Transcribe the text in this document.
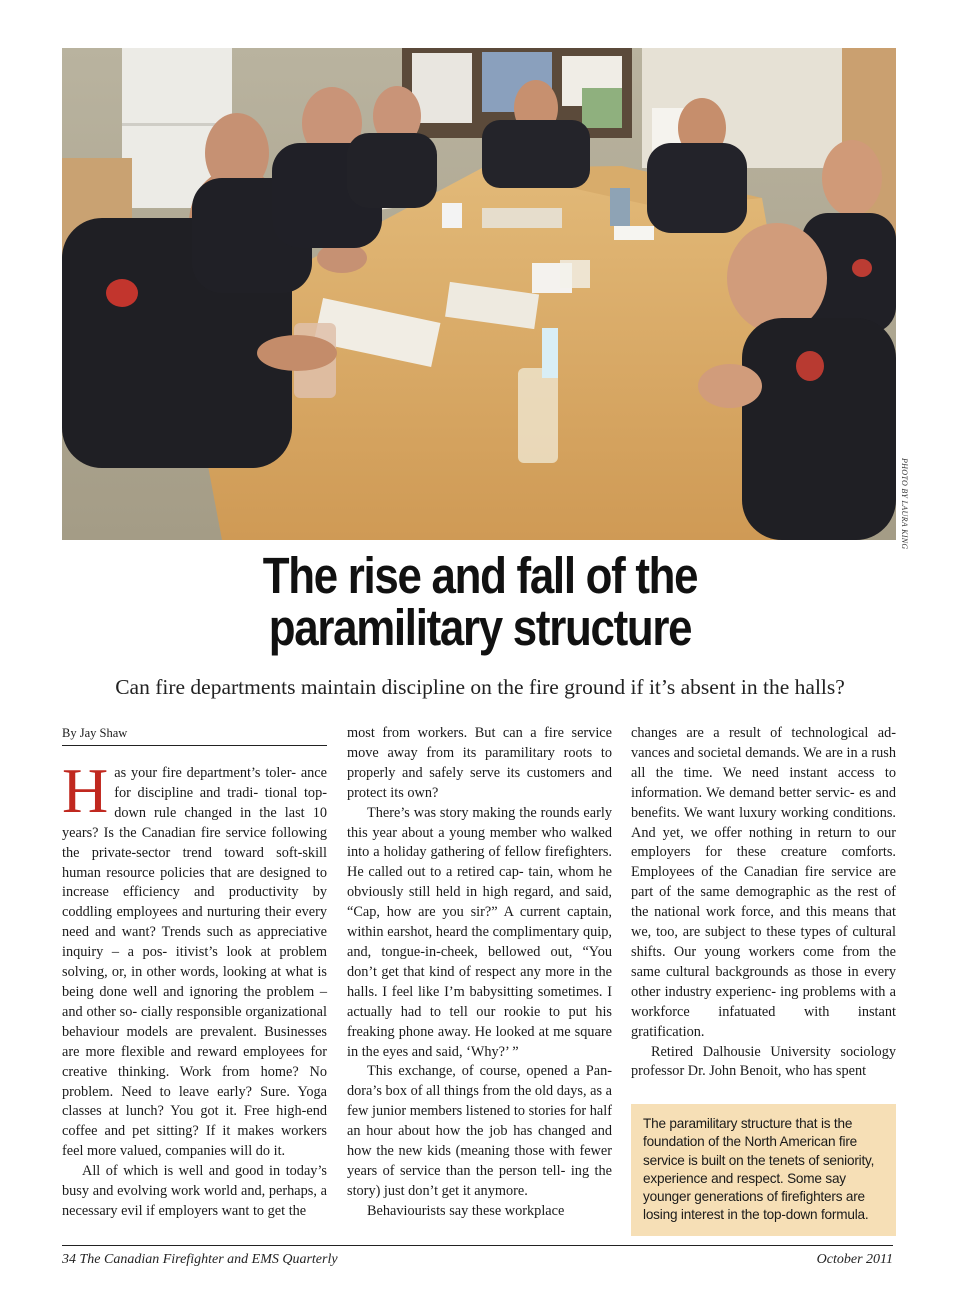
PHOTO BY LAURA KING
The rise and fall of the
paramilitary structure
Can fire departments maintain discipline on the fire ground if it’s absent in the halls?
By Jay Shaw

Has your fire department’s toler- ance for discipline and tradi- tional top-down rule changed in the last 10 years? Is the Canadian fire service following the private-sector trend toward soft-skill human resource policies that are designed to increase efficiency and productivity by coddling employees and nurturing their every need and want? Trends such as appreciative inquiry – a pos- itivist’s look at problem solving, or, in other words, looking at what is being done well and ignoring the problem – and other so- cially responsible organizational behaviour models are prevalent. Businesses are more flexible and reward employees for creative thinking. Work from home? No problem. Need to leave early? Sure. Yoga classes at lunch? You got it. Free high-end coffee and pet sitting? If it makes workers feel more valued, companies will do it.

All of which is well and good in today’s busy and evolving work world and, perhaps, a necessary evil if employers want to get the

most from workers. But can a fire service move away from its paramilitary roots to properly and safely serve its customers and protect its own?

There’s was story making the rounds early this year about a young member who walked into a holiday gathering of fellow firefighters. He called out to a retired cap- tain, whom he obviously still held in high regard, and said, “Cap, how are you sir?” A current captain, within earshot, heard the complimentary quip, and, tongue-in-cheek, bellowed out, “You don’t get that kind of respect any more in the halls. I feel like I’m babysitting sometimes. I actually had to tell our rookie to put his freaking phone away. He looked at me square in the eyes and said, ‘Why?’ ”

This exchange, of course, opened a Pan- dora’s box of all things from the old days, as a few junior members listened to stories for half an hour about how the job has changed and how the new kids (meaning those with fewer years of service than the person tell- ing the story) just don’t get it anymore.

Behaviourists say these workplace

changes are a result of technological ad- vances and societal demands. We are in a rush all the time. We need instant access to information. We demand better servic- es and benefits. We want luxury working conditions. And yet, we offer nothing in return to our employers for these creature comforts. Employees of the Canadian fire service are part of the same demographic as the rest of the national work force, and this means that we, too, are subject to these types of cultural shifts. Our young workers come from the same cultural backgrounds as those in every other industry experienc- ing problems with a workforce infatuated with instant gratification.

Retired Dalhousie University sociology professor Dr. John Benoit, who has spent

The paramilitary structure that is the foundation of the North American fire service is built on the tenets of seniority, experience and respect. Some say younger generations of firefighters are losing interest in the top-down formula.
34 The Canadian Firefighter and EMS Quarterly	October 2011
